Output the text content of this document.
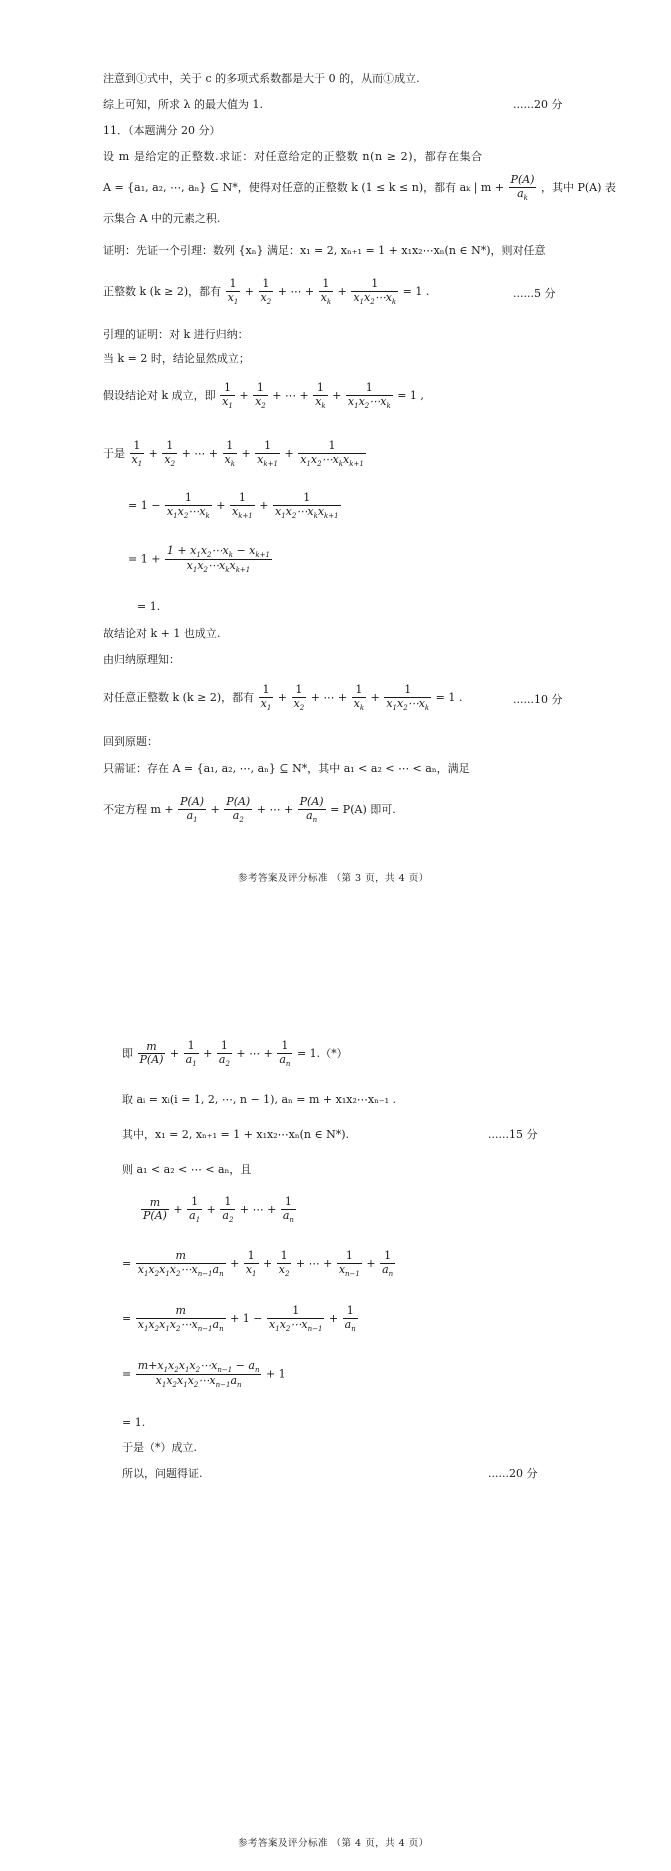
注意到①式中，关于 c 的多项式系数都是大于 0 的，从而①成立.
综上可知，所求 λ 的最大值为 1.	......20 分
11．（本题满分 20 分）
设 m 是给定的正整数.求证：对任意给定的正整数 n(n ≥ 2)，都存在集合
A = {a₁, a₂, ⋯, aₙ} ⊆ N*，使得对任意的正整数 k (1 ≤ k ≤ n)，都有 aₖ | $m + \frac{P(A)}{a_k}$ ，其中 P(A) 表
示集合 A 中的元素之积.
证明：先证一个引理：数列 {xₙ} 满足：x₁ = 2, xₙ₊₁ = 1 + x₁x₂⋯xₙ(n ∈ N*)，则对任意
正整数 k (k ≥ 2)，都有 $\frac{1}{x_1} + \frac{1}{x_2}$ + ⋯ + $\frac{1}{x_k} + \frac{1}{x_1x_2\cdots x_k} = 1$ .	......5 分
引理的证明：对 k 进行归纳：
当 k = 2 时，结论显然成立；
假设结论对 k 成立，即 $\frac{1}{x_1} + \frac{1}{x_2}$ + ⋯ + $\frac{1}{x_k} + \frac{1}{x_1x_2\cdots x_k} = 1$ ,
于是 $\frac{1}{x_1} + \frac{1}{x_2}$ + ⋯ + $\frac{1}{x_k} + \frac{1}{x_{k+1}} + \frac{1}{x_1x_2\cdots x_kx_{k+1}}$
= $1 - \frac{1}{x_1x_2\cdots x_k} + \frac{1}{x_{k+1}} + \frac{1}{x_1x_2\cdots x_kx_{k+1}}$
= $1 + \frac{1 + x_1x_2\cdots x_k - x_{k+1}}{x_1x_2\cdots x_kx_{k+1}}$
= 1.
故结论对 k + 1 也成立.
由归纳原理知：
对任意正整数 k (k ≥ 2)，都有 $\frac{1}{x_1} + \frac{1}{x_2}$ + ⋯ + $\frac{1}{x_k} + \frac{1}{x_1x_2\cdots x_k} = 1$ .	......10 分
回到原题：
只需证：存在 A = {a₁, a₂, ⋯, aₙ} ⊆ N*，其中 a₁ < a₂ < ⋯ < aₙ，满足
不定方程 $m + \frac{P(A)}{a_1} + \frac{P(A)}{a_2}$ + ⋯ + $\frac{P(A)}{a_n} = P(A)$ 即可.
参考答案及评分标准 （第 3 页，共 4 页）
即 $\frac{m}{P(A)} + \frac{1}{a_1} + \frac{1}{a_2}$ + ⋯ + $\frac{1}{a_n} = 1.(*)$
取 aᵢ = xᵢ(i = 1, 2, ⋯, n − 1), aₙ = m + x₁x₂⋯xₙ₋₁ .
其中，x₁ = 2, xₙ₊₁ = 1 + x₁x₂⋯xₙ(n ∈ N*).	......15 分
则 a₁ < a₂ < ⋯ < aₙ，且
$\frac{m}{P(A)} + \frac{1}{a_1} + \frac{1}{a_2}$ + ⋯ + $\frac{1}{a_n}$
= $\frac{m}{x_1x_2x_1x_2\cdots x_{n-1}a_n} + \frac{1}{x_1} + \frac{1}{x_2}$ + ⋯ + $\frac{1}{x_{n-1}} + \frac{1}{a_n}$
= $\frac{m}{x_1x_2x_1x_2\cdots x_{n-1}a_n} + 1 - \frac{1}{x_1x_2\cdots x_{n-1}} + \frac{1}{a_n}$
= $\frac{m+x_1x_2x_1x_2\cdots x_{n-1} - a_n}{x_1x_2x_1x_2\cdots x_{n-1}a_n} + 1$
= 1.
于是（*）成立.
所以，问题得证.	......20 分
参考答案及评分标准 （第 4 页，共 4 页）
